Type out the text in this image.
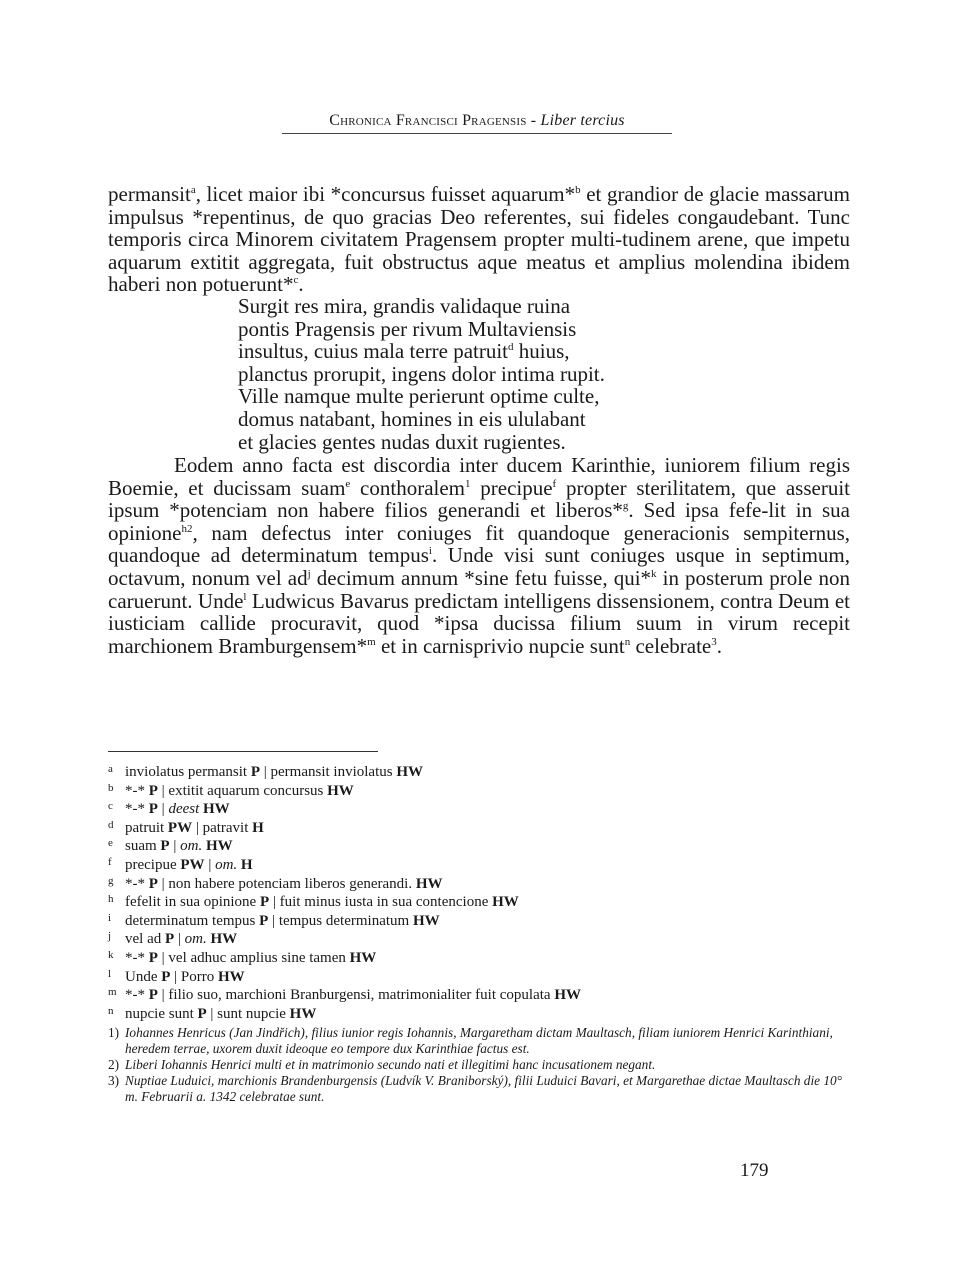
Chronica Francisci Pragensis - Liber tercius

permansit$^a$, licet maior ibi *concursus fuisset aquarum*$^b$ et grandior de glacie massarum impulsus *repentinus, de quo gracias Deo referentes, sui fideles congaudebant. Tunc temporis circa Minorem civitatem Pragensem propter multi-tudinem arene, que impetu aquarum extitit aggregata, fuit obstructus aque meatus et amplius molendina ibidem haberi non potuerunt*$^c$.

Surgit res mira, grandis validaque ruina
pontis Pragensis per rivum Multaviensis
insultus, cuius mala terre patruit$^d$ huius,
planctus prorupit, ingens dolor intima rupit.
Ville namque multe perierunt optime culte,
domus natabant, homines in eis ululabant
et glacies gentes nudas duxit rugientes.

Eodem anno facta est discordia inter ducem Karinthie, iuniorem filium regis Boemie, et ducissam suam$^e$ conthoralem$^1$ precipue$^f$ propter sterilitatem, que asseruit ipsum *potenciam non habere filios generandi et liberos*$^g$. Sed ipsa fefe-lit in sua opinione$^{h2}$, nam defectus inter coniuges fit quandoque generacionis sempiternus, quandoque ad determinatum tempus$^i$. Unde visi sunt coniuges usque in septimum, octavum, nonum vel $ad^j$ decimum annum *sine fetu fuisse, qui*$^k$ in posterum prole non caruerunt. Unde$^l$ Ludwicus Bavarus predictam intelligens dissensionem, contra Deum et iusticiam callide procuravit, quod *ipsa ducissa filium suum in virum recepit marchionem Bramburgensem*$^m$ et in carnisprivio nupcie sunt$^n$ celebrate$^3$.

a inviolatus permansit P | permansit inviolatus HW
b *-* P | extitit aquarum concursus HW
c *-* P | deest HW
d patruit PW | patravit H
e suam P | om. HW
f precipue PW | om. H
g *-* P | non habere potenciam liberos generandi. HW
h fefelit in sua opinione P | fuit minus iusta in sua contencione HW
i determinatum tempus P | tempus determinatum HW
j vel ad P | om. HW
k *-* P | vel adhuc amplius sine tamen HW
l Unde P | Porro HW
m *-* P | filio suo, marchioni Branburgensi, matrimonialiter fuit copulata HW
n nupcie sunt P | sunt nupcie HW
1) Iohannes Henricus (Jan Jindřich), filius iunior regis Iohannis, Margaretham dictam Maultasch, filiam iuniorem Henrici Karinthiani, heredem terrae, uxorem duxit ideoque eo tempore dux Karinthiae factus est.
2) Liberi Iohannis Henrici multi et in matrimonio secundo nati et illegitimi hanc incusationem negant.
3) Nuptiae Luduici, marchionis Brandenburgensis (Ludvík V. Braniborský), filii Luduici Bavari, et Margarethae dictae Maultasch die 10° m. Februarii a. 1342 celebratae sunt.
179
